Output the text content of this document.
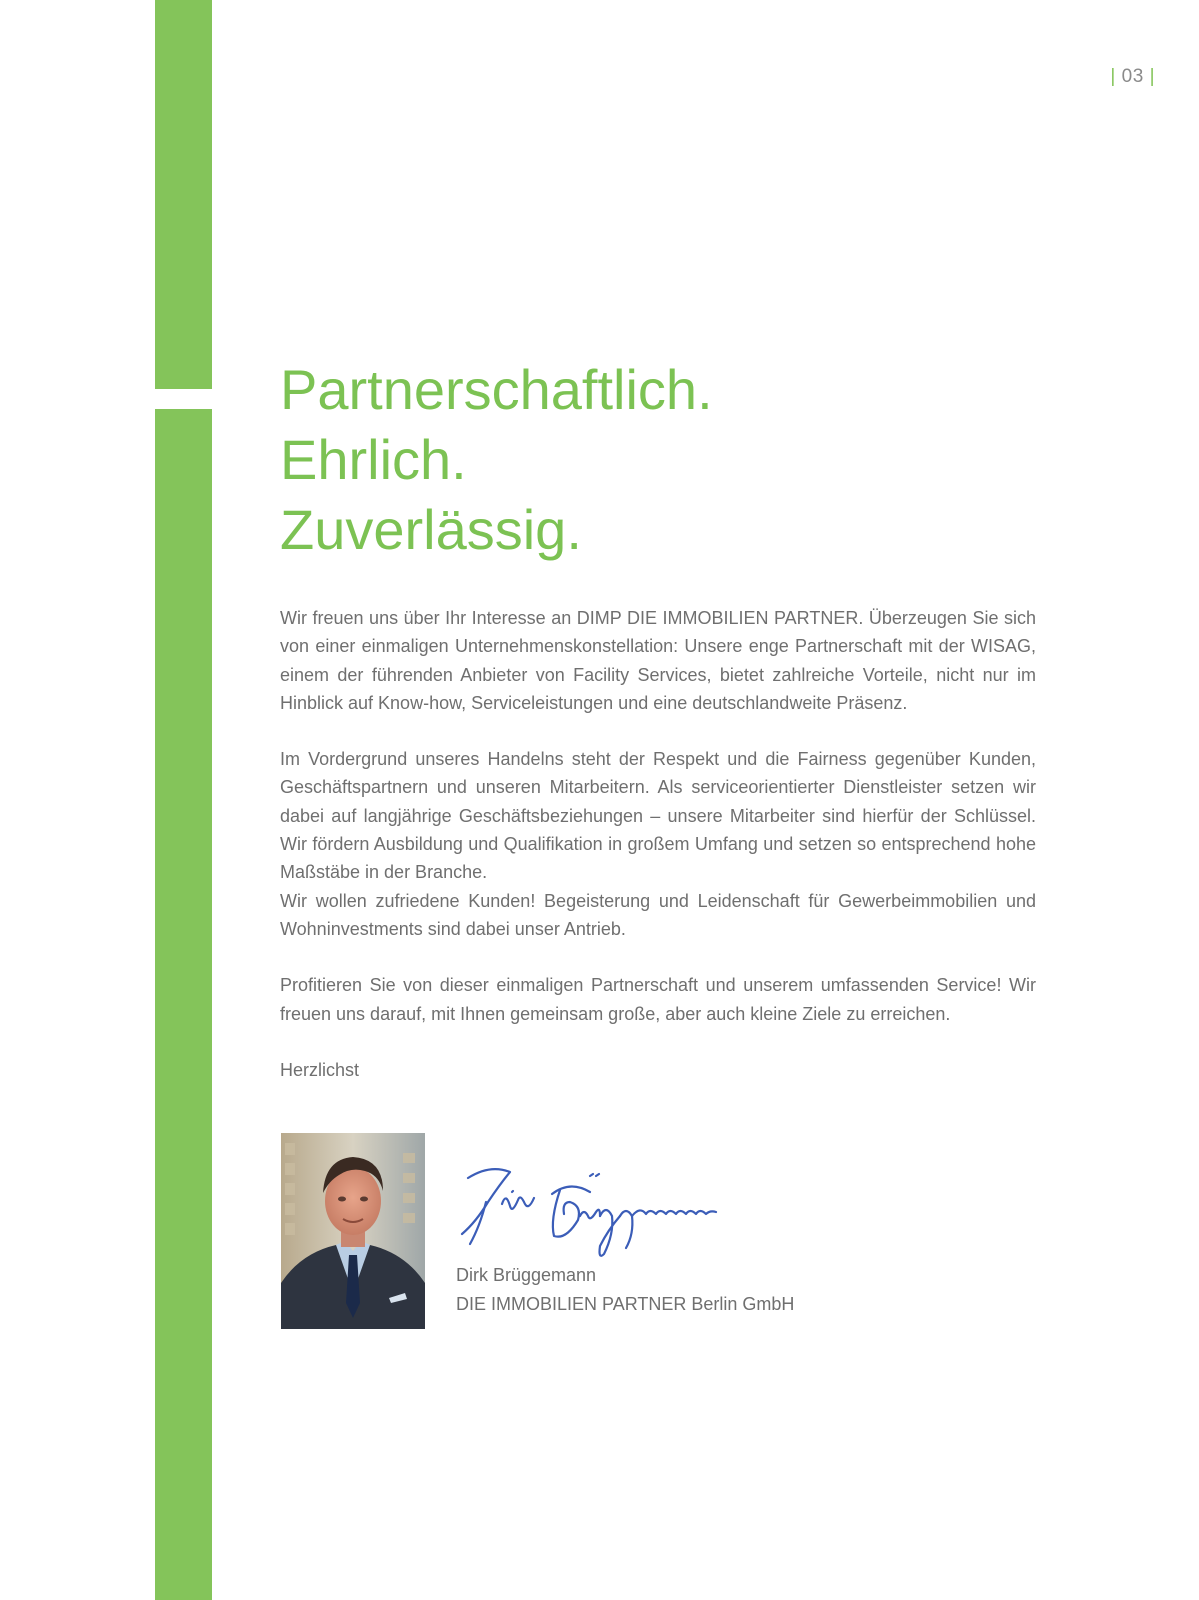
| 03 |
Partnerschaftlich.
Ehrlich.
Zuverlässig.

Wir freuen uns über Ihr Interesse an DIMP DIE IMMOBILIEN PARTNER. Überzeugen Sie sich von einer einmaligen Unternehmenskonstellation: Unsere enge Partnerschaft mit der WISAG, einem der führenden Anbieter von Facility Services, bietet zahlreiche Vorteile, nicht nur im Hinblick auf Know-how, Serviceleistungen und eine deutschlandweite Präsenz.

Im Vordergrund unseres Handelns steht der Respekt und die Fairness gegenüber Kunden, Geschäftspartnern und unseren Mitarbeitern. Als serviceorientierter Dienstleister setzen wir dabei auf langjährige Geschäftsbeziehungen – unsere Mitarbeiter sind hierfür der Schlüssel. Wir fördern Ausbildung und Qualifikation in großem Umfang und setzen so entsprechend hohe Maßstäbe in der Branche.

Wir wollen zufriedene Kunden! Begeisterung und Leidenschaft für Gewerbeimmobilien und Wohninvestments sind dabei unser Antrieb.

Profitieren Sie von dieser einmaligen Partnerschaft und unserem umfassenden Service! Wir freuen uns darauf, mit Ihnen gemeinsam große, aber auch kleine Ziele zu erreichen.

Herzlichst

Dirk Brüggemann
DIE IMMOBILIEN PARTNER Berlin GmbH
